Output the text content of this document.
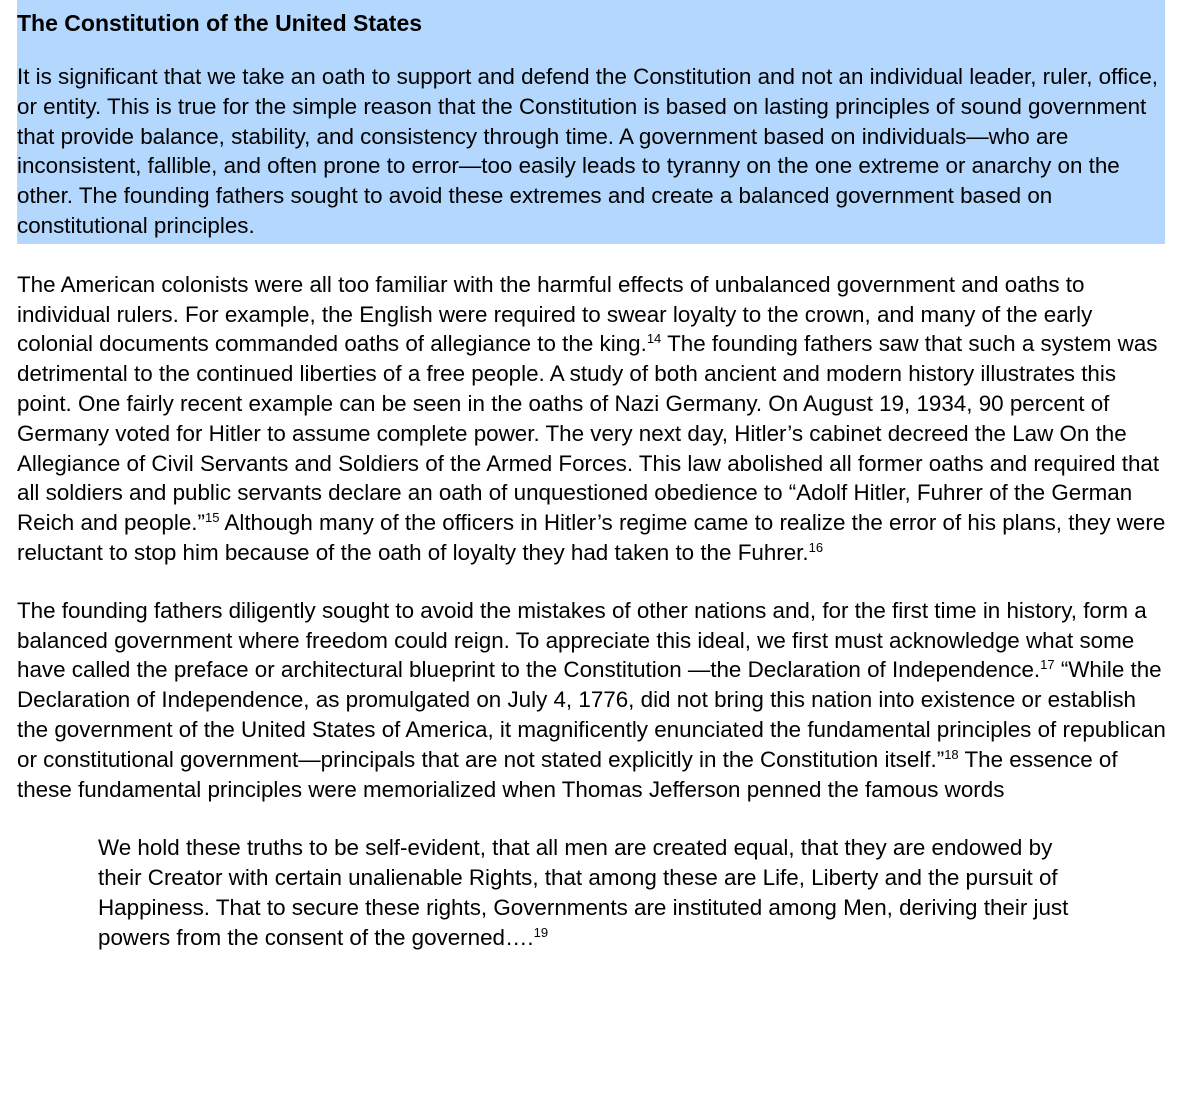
The Constitution of the United States

It is significant that we take an oath to support and defend the Constitution and not an individual leader, ruler, office, or entity. This is true for the simple reason that the Constitution is based on lasting principles of sound government that provide balance, stability, and consistency through time. A government based on individuals—who are inconsistent, fallible, and often prone to error—too easily leads to tyranny on the one extreme or anarchy on the other. The founding fathers sought to avoid these extremes and create a balanced government based on constitutional principles.

The American colonists were all too familiar with the harmful effects of unbalanced government and oaths to individual rulers. For example, the English were required to swear loyalty to the crown, and many of the early colonial documents commanded oaths of allegiance to the king.$^{14}$ The founding fathers saw that such a system was detrimental to the continued liberties of a free people. A study of both ancient and modern history illustrates this point. One fairly recent example can be seen in the oaths of Nazi Germany. On August 19, 1934, 90 percent of Germany voted for Hitler to assume complete power. The very next day, Hitler’s cabinet decreed the Law On the Allegiance of Civil Servants and Soldiers of the Armed Forces. This law abolished all former oaths and required that all soldiers and public servants declare an oath of unquestioned obedience to “Adolf Hitler, Fuhrer of the German Reich and people.”$^{15}$ Although many of the officers in Hitler’s regime came to realize the error of his plans, they were reluctant to stop him because of the oath of loyalty they had taken to the Fuhrer.$^{16}$

The founding fathers diligently sought to avoid the mistakes of other nations and, for the first time in history, form a balanced government where freedom could reign. To appreciate this ideal, we first must acknowledge what some have called the preface or architectural blueprint to the Constitution —the Declaration of Independence.$^{17}$ “While the Declaration of Independence, as promulgated on July 4, 1776, did not bring this nation into existence or establish the government of the United States of America, it magnificently enunciated the fundamental principles of republican or constitutional government—principals that are not stated explicitly in the Constitution itself.”$^{18}$ The essence of these fundamental principles were memorialized when Thomas Jefferson penned the famous words

We hold these truths to be self-evident, that all men are created equal, that they are endowed by their Creator with certain unalienable Rights, that among these are Life, Liberty and the pursuit of Happiness. That to secure these rights, Governments are instituted among Men, deriving their just powers from the consent of the governed….$^{19}$
